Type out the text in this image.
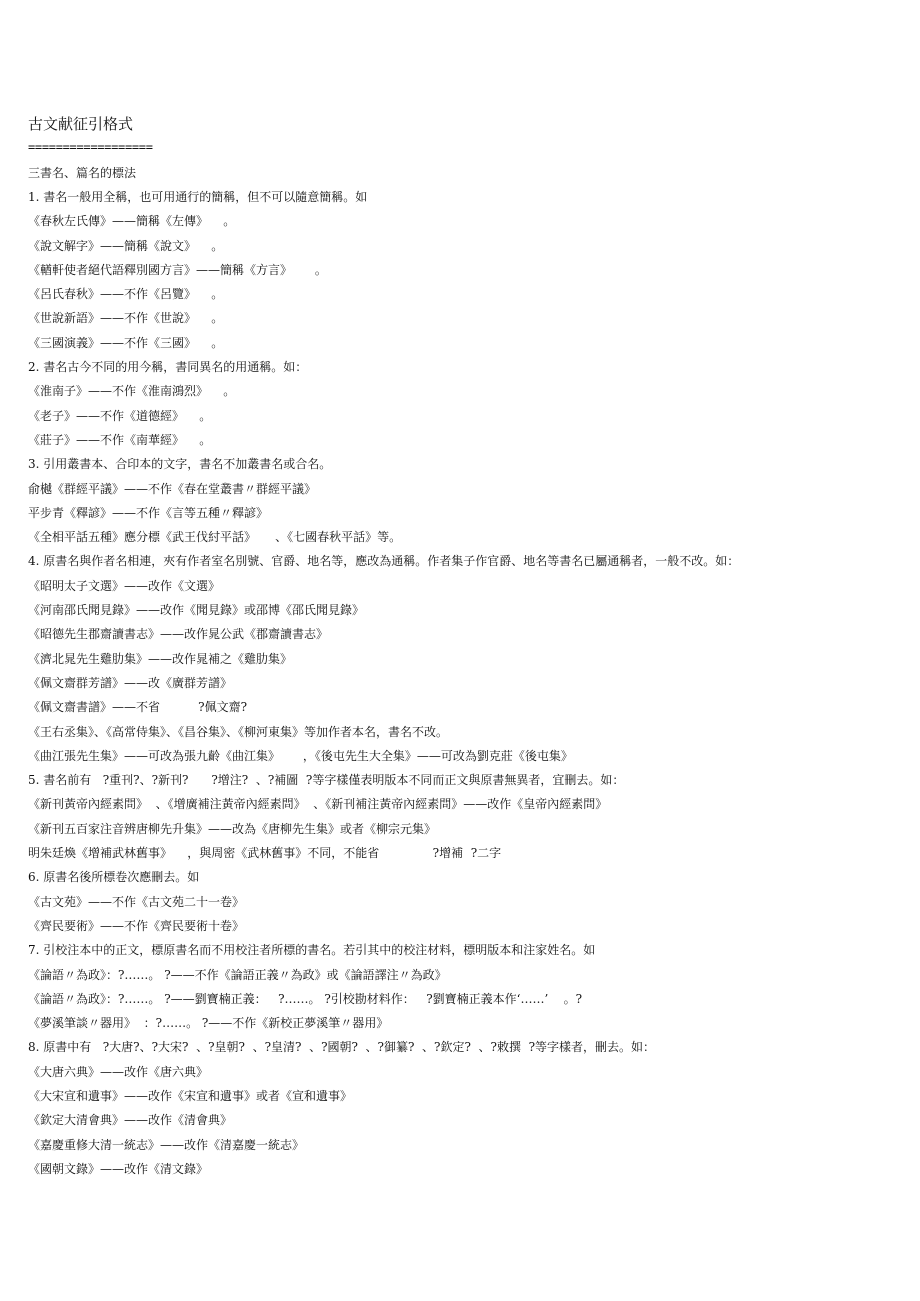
古文献征引格式
==================
三書名、篇名的標法
1. 書名一般用全稱，也可用通行的簡稱，但不可以隨意簡稱。如
《春秋左氏傳》——簡稱《左傳》    。
《說文解字》——簡稱《說文》    。
《輶軒使者絕代語釋別國方言》——簡稱《方言》      。
《呂氏春秋》——不作《呂覽》    。
《世說新語》——不作《世說》    。
《三國演義》——不作《三國》    。
2. 書名古今不同的用今稱，書同異名的用通稱。如：
《淮南子》——不作《淮南鴻烈》    。
《老子》——不作《道德經》    。
《莊子》——不作《南華經》    。
3. 引用叢書本、合印本的文字，書名不加叢書名或合名。
俞樾《群經平議》——不作《春在堂叢書〃群經平議》
平步青《釋諺》——不作《言等五種〃釋諺》
《全相平話五種》應分標《武王伐紂平話》     、《七國春秋平話》等。
4. 原書名與作者名相連，夾有作者室名別號、官爵、地名等，應改為通稱。作者集子作官爵、地名等書名已屬通稱者，一般不改。如：
《昭明太子文選》——改作《文選》
《河南邵氏聞見錄》——改作《聞見錄》或邵博《邵氏聞見錄》
《昭德先生郡齋讀書志》——改作晁公武《郡齋讀書志》
《濟北晁先生雞肋集》——改作晁補之《雞肋集》
《佩文齋群芳譜》——改《廣群芳譜》
《佩文齋書譜》——不省          ?佩文齋?
《王右丞集》、《高常侍集》、《昌谷集》、《柳河東集》等加作者本名，書名不改。
《曲江張先生集》——可改為張九齡《曲江集》      ，《後屯先生大全集》——可改為劉克莊《後屯集》
5. 書名前有   ?重刊?、?新刊?      ?增注?  、?補圖  ?等字樣僅表明版本不同而正文與原書無異者，宜刪去。如：
《新刊黃帝內經素問》  、《增廣補注黃帝內經素問》  、《新刊補注黃帝內經素問》——改作《皇帝內經素問》
《新刊五百家注音辨唐柳先升集》——改為《唐柳先生集》或者《柳宗元集》
明朱廷煥《增補武林舊事》    ，與周密《武林舊事》不同，不能省              ?增補  ?二字
6. 原書名後所標卷次應刪去。如
《古文苑》——不作《古文苑二十一卷》
《齊民要術》——不作《齊民要術十卷》
7. 引校注本中的正文，標原書名而不用校注者所標的書名。若引其中的校注材料，標明版本和注家姓名。如
《論語〃為政》：?……。 ?——不作《論語正義〃為政》或《論語譯注〃為政》
《論語〃為政》：?……。 ?——劉寶楠正義：   ?……。 ?引校勘材料作：   ?劉寶楠正義本作‘……’    。?
《夢溪筆談〃器用》  ：?……。 ?——不作《新校正夢溪筆〃器用》
8. 原書中有   ?大唐?、?大宋?  、?皇朝?  、?皇清?  、?國朝?  、?御纂?  、?欽定?  、?敕撰  ?等字樣者，刪去。如：
《大唐六典》——改作《唐六典》
《大宋宣和遺事》——改作《宋宣和遺事》或者《宣和遺事》
《欽定大清會典》——改作《清會典》
《嘉慶重修大清一統志》——改作《清嘉慶一統志》
《國朝文錄》——改作《清文錄》
